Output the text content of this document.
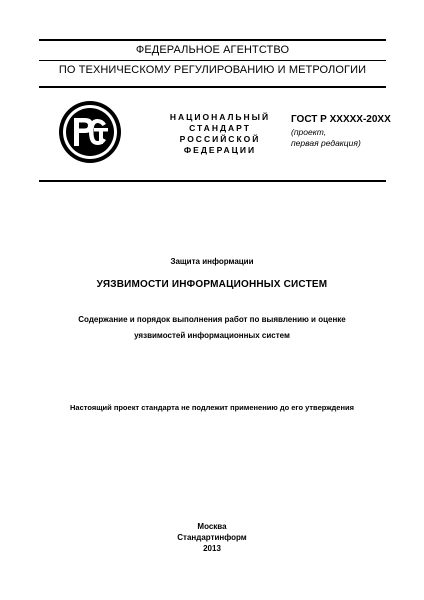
ФЕДЕРАЛЬНОЕ АГЕНТСТВО
ПО ТЕХНИЧЕСКОМУ РЕГУЛИРОВАНИЮ И МЕТРОЛОГИИ
НАЦИОНАЛЬНЫЙ
СТАНДАРТ
РОССИЙСКОЙ
ФЕДЕРАЦИИ
ГОСТ Р ХХХХХ-20ХХ
(проект,
первая редакция)
Защита информации
УЯЗВИМОСТИ ИНФОРМАЦИОННЫХ СИСТЕМ
Содержание и порядок выполнения работ по выявлению и оценке
уязвимостей информационных систем
Настоящий проект стандарта не подлежит применению до его утверждения
Москва
Стандартинформ
2013
